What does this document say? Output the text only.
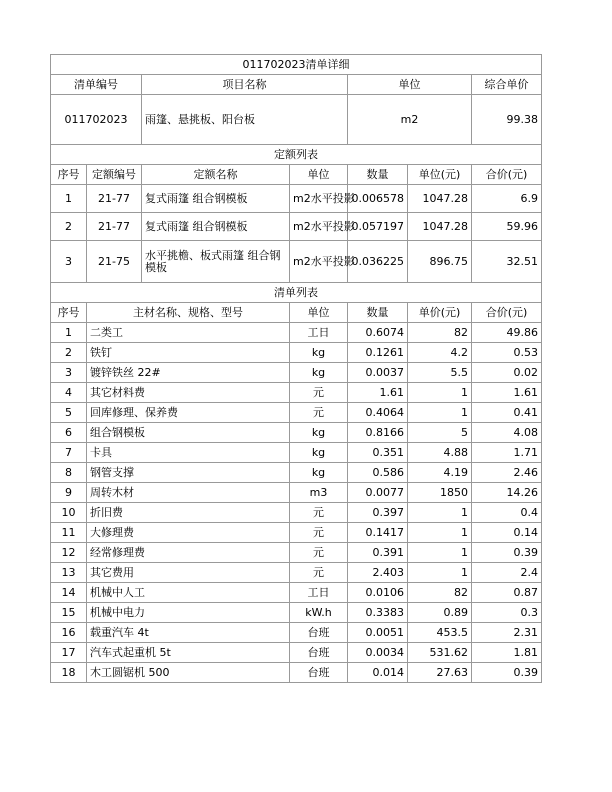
011702023清单详细						
清单编号		项目名称		单位		综合单价
011702023		雨篷、悬挑板、阳台板		m2		99.38
定额列表						
序号	定额编号	定额名称	单位	数量	单位(元)	合价(元)
1	21-77	复式雨篷 组合钢模板	m2水平投影	0.006578	1047.28	6.9
2	21-77	复式雨篷 组合钢模板	m2水平投影	0.057197	1047.28	59.96
3	21-75	水平挑檐、板式雨篷 组合钢模板	m2水平投影	0.036225	896.75	32.51
清单列表						
序号	主材名称、规格、型号		单位	数量	单价(元)	合价(元)
1	二类工		工日	0.6074	82	49.86
2	铁钉		kg	0.1261	4.2	0.53
3	镀锌铁丝 22#		kg	0.0037	5.5	0.02
4	其它材料费		元	1.61	1	1.61
5	回库修理、保养费		元	0.4064	1	0.41
6	组合钢模板		kg	0.8166	5	4.08
7	卡具		kg	0.351	4.88	1.71
8	钢管支撑		kg	0.586	4.19	2.46
9	周转木材		m3	0.0077	1850	14.26
10	折旧费		元	0.397	1	0.4
11	大修理费		元	0.1417	1	0.14
12	经常修理费		元	0.391	1	0.39
13	其它费用		元	2.403	1	2.4
14	机械中人工		工日	0.0106	82	0.87
15	机械中电力		kW.h	0.3383	0.89	0.3
16	载重汽车 4t		台班	0.0051	453.5	2.31
17	汽车式起重机 5t		台班	0.0034	531.62	1.81
18	木工圆锯机 500		台班	0.014	27.63	0.39
